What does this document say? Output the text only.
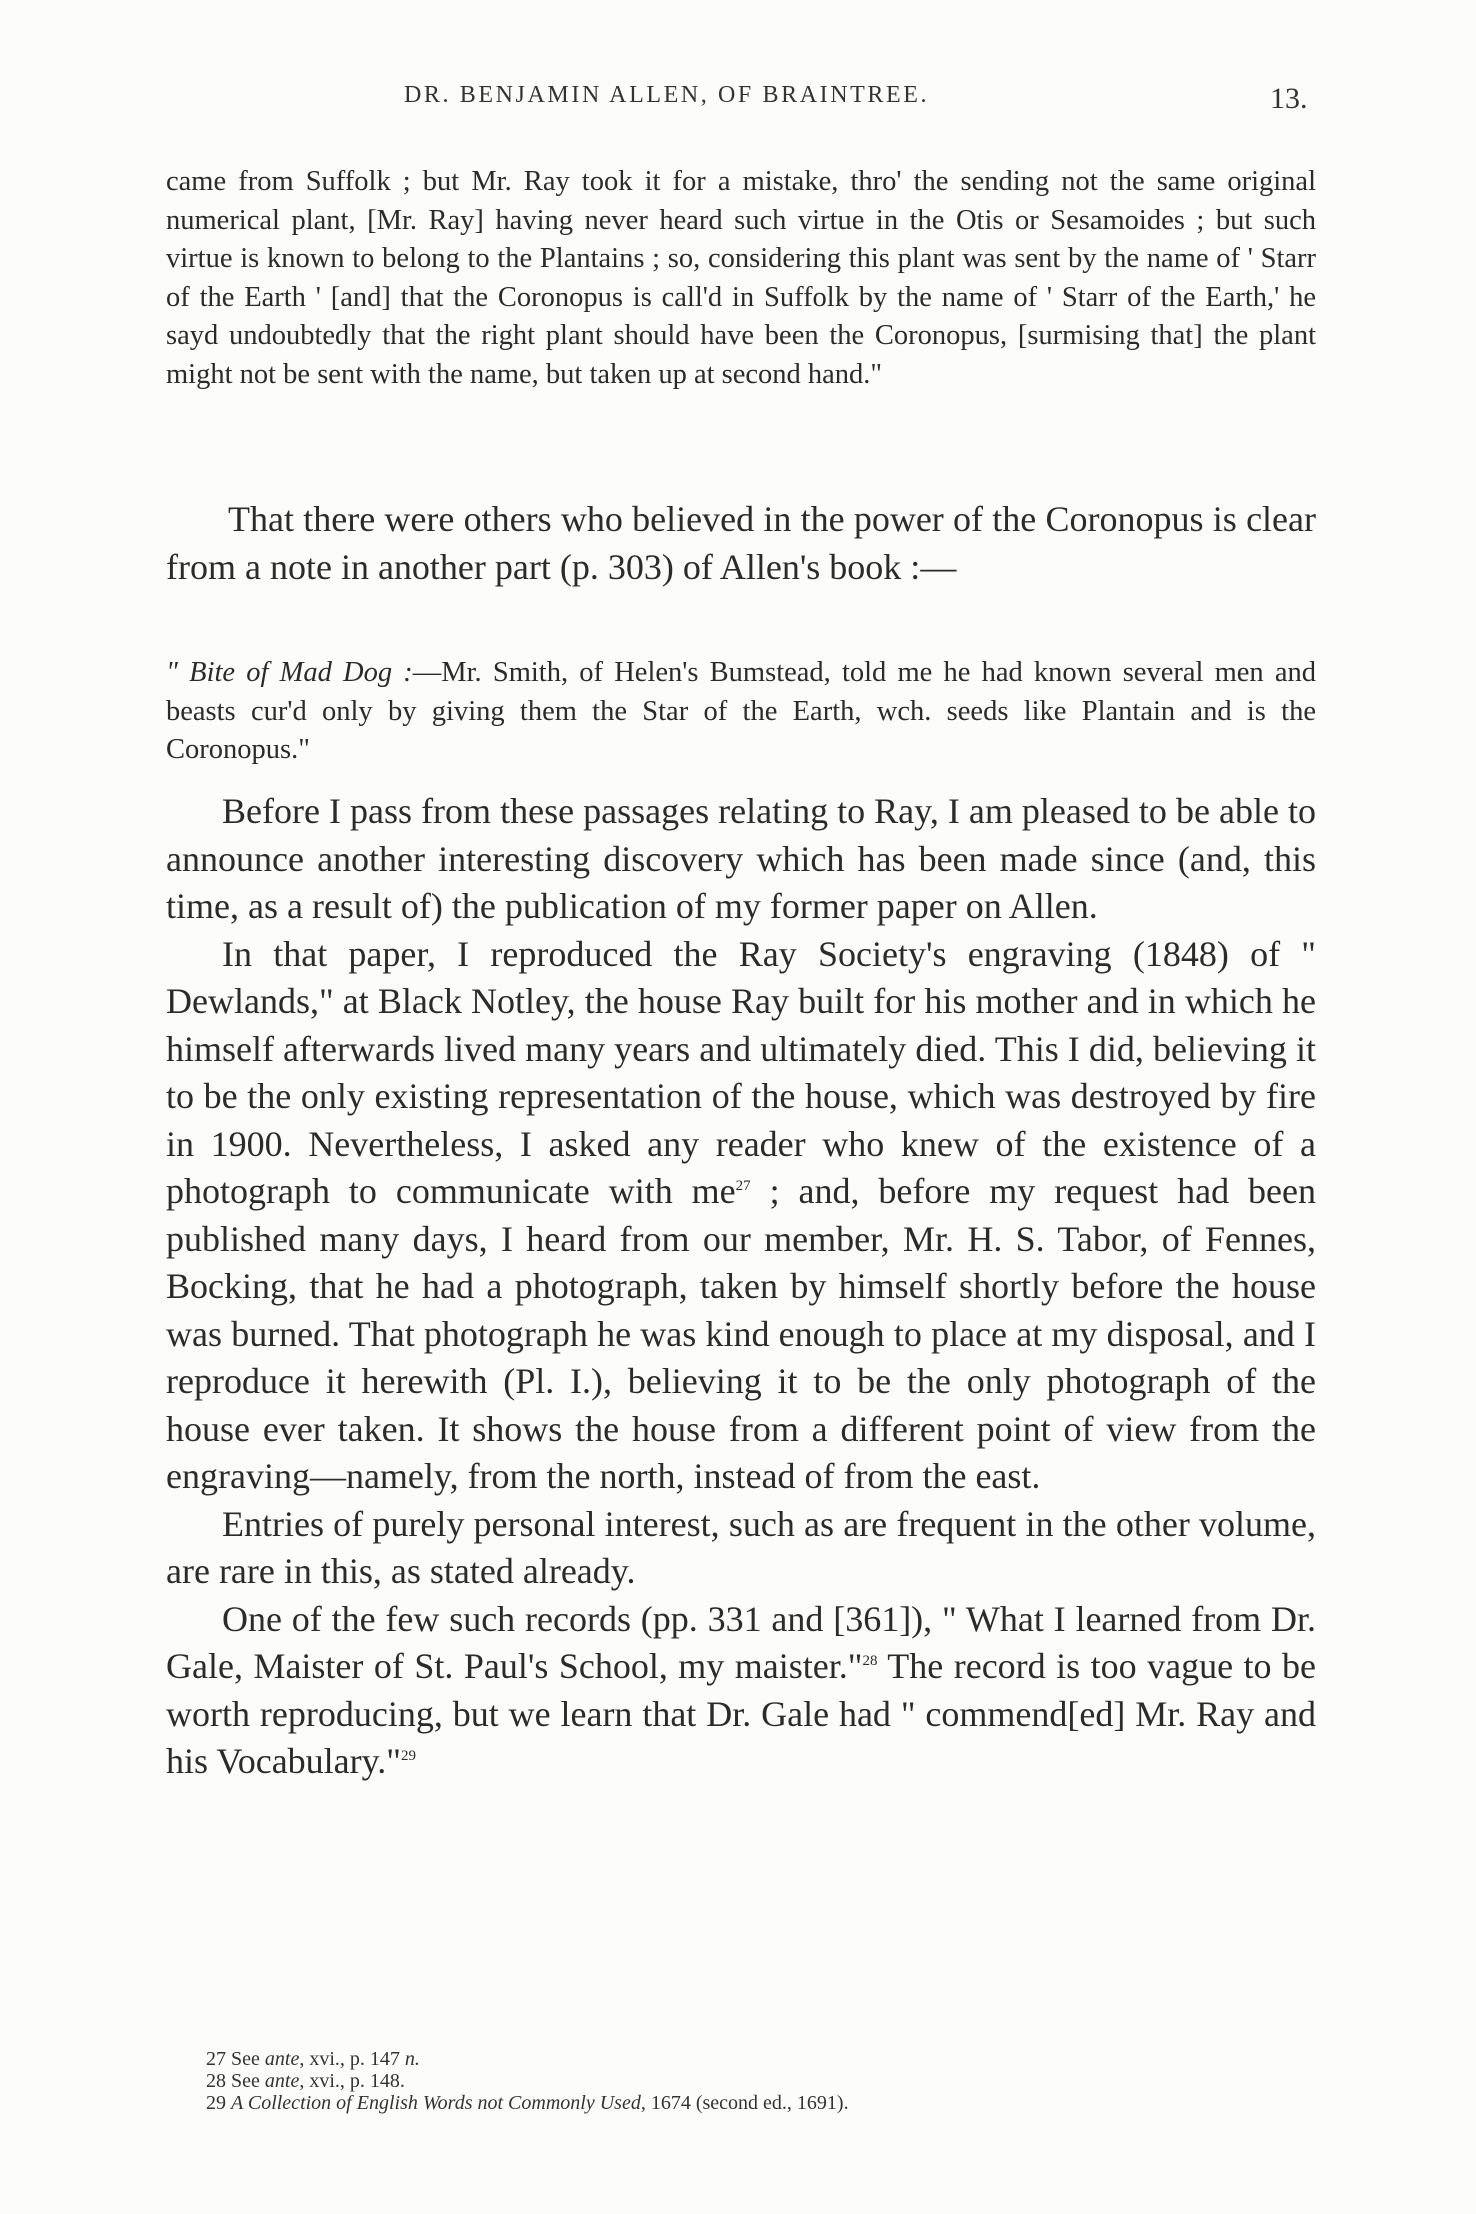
DR. BENJAMIN ALLEN, OF BRAINTREE.	13.

came from Suffolk ; but Mr. Ray took it for a mistake, thro' the sending not the same original numerical plant, [Mr. Ray] having never heard such virtue in the Otis or Sesamoides ; but such virtue is known to belong to the Plantains ; so, considering this plant was sent by the name of ' Starr of the Earth ' [and] that the Coronopus is call'd in Suffolk by the name of ' Starr of the Earth,' he sayd undoubtedly that the right plant should have been the Coronopus, [surmising that] the plant might not be sent with the name, but taken up at second hand."

That there were others who believed in the power of the Coronopus is clear from a note in another part (p. 303) of Allen's book :—

" Bite of Mad Dog :—Mr. Smith, of Helen's Bumstead, told me he had known several men and beasts cur'd only by giving them the Star of the Earth, wch. seeds like Plantain and is the Coronopus."

Before I pass from these passages relating to Ray, I am pleased to be able to announce another interesting discovery which has been made since (and, this time, as a result of) the publication of my former paper on Allen.

In that paper, I reproduced the Ray Society's engraving (1848) of " Dewlands," at Black Notley, the house Ray built for his mother and in which he himself afterwards lived many years and ultimately died. This I did, believing it to be the only existing representation of the house, which was destroyed by fire in 1900. Nevertheless, I asked any reader who knew of the existence of a photograph to communicate with $me^{27}$ ; and, before my request had been published many days, I heard from our member, Mr. H. S. Tabor, of Fennes, Bocking, that he had a photograph, taken by himself shortly before the house was burned. That photograph he was kind enough to place at my disposal, and I reproduce it herewith (Pl. I.), believing it to be the only photograph of the house ever taken. It shows the house from a different point of view from the engraving—namely, from the north, instead of from the east.

Entries of purely personal interest, such as are frequent in the other volume, are rare in this, as stated already.

One of the few such records (pp. 331 and [361]), " What I learned from Dr. Gale, Maister of St. Paul's School, my maister."$^{28}$ The record is too vague to be worth reproducing, but we learn that Dr. Gale had " commend[ed] Mr. Ray and his Vocabulary."$^{29}$

27 See ante, xvi., p. 147 n.

28 See ante, xvi., p. 148.

29 A Collection of English Words not Commonly Used, 1674 (second ed., 1691).
